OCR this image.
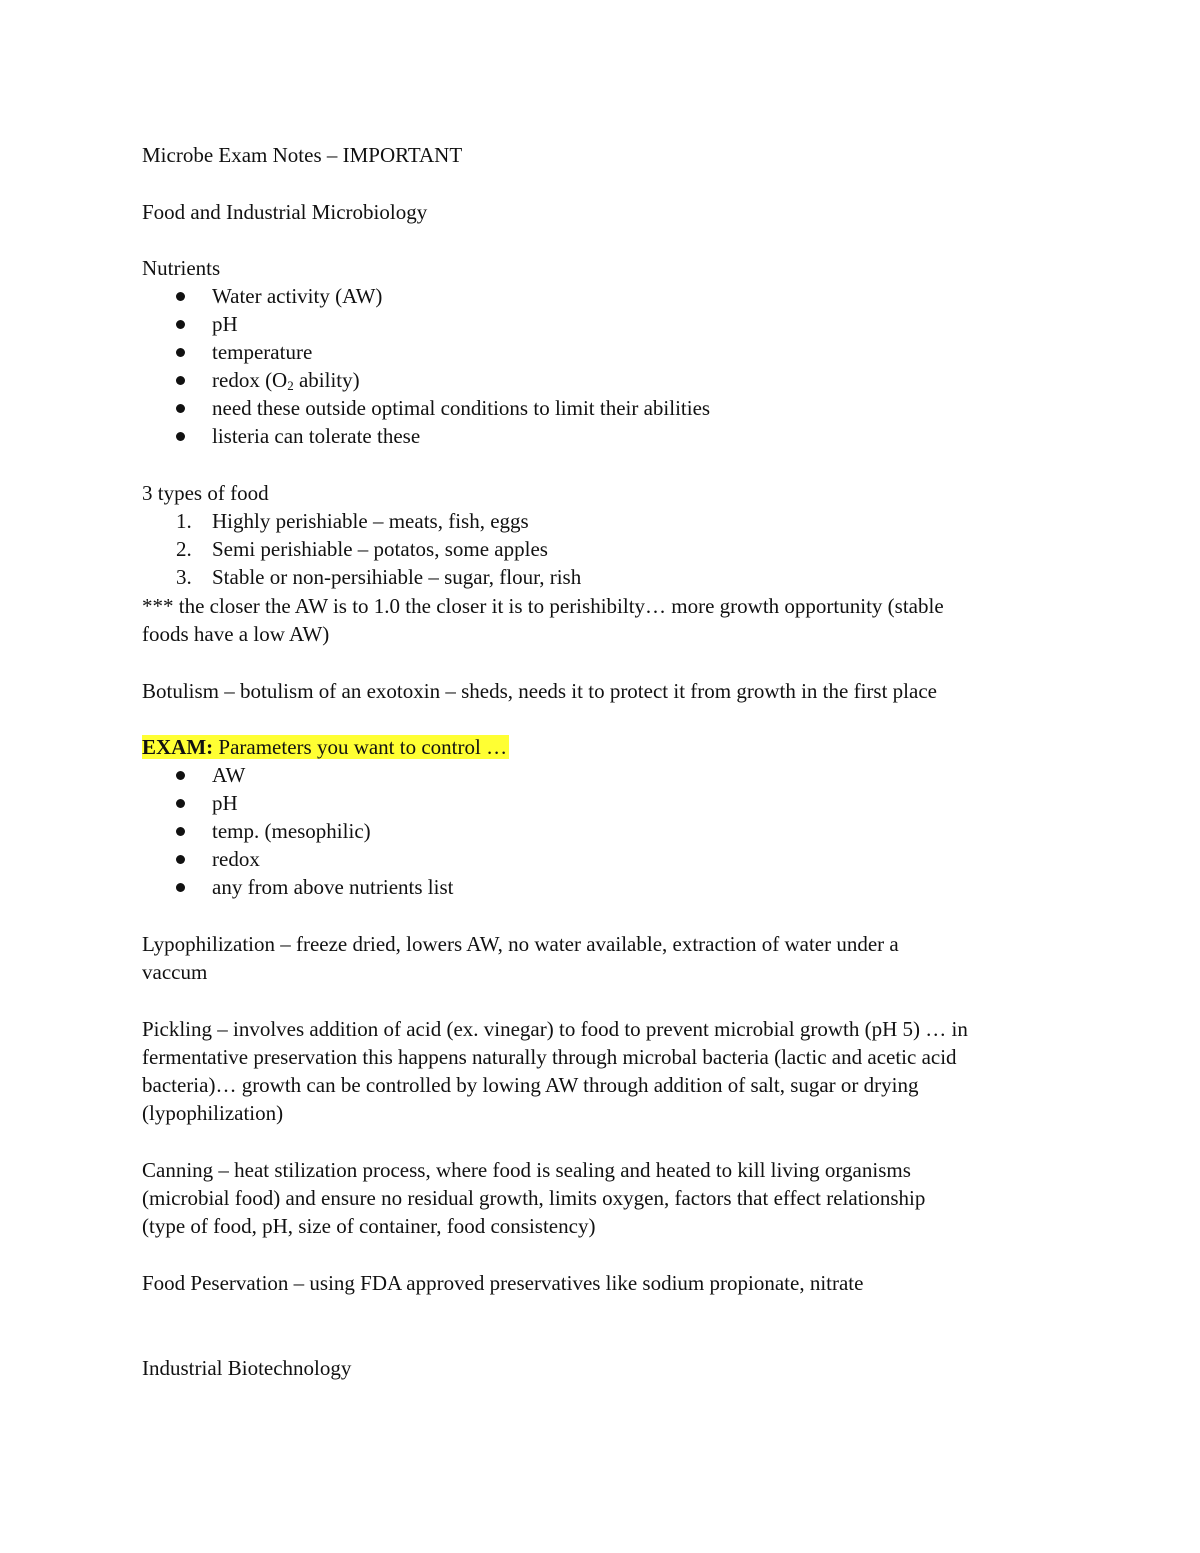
Microbe Exam Notes – IMPORTANT
Food and Industrial Microbiology
Nutrients
Water activity (AW)
pH
temperature
redox ($O_2$ ability)
need these outside optimal conditions to limit their abilities
listeria can tolerate these
3 types of food
1. Highly perishiable – meats, fish, eggs
2. Semi perishiable – potatos, some apples
3. Stable or non-persihiable – sugar, flour, rish
*** the closer the AW is to 1.0 the closer it is to perishibilty… more growth opportunity (stable
foods have a low AW)
Botulism – botulism of an exotoxin – sheds, needs it to protect it from growth in the first place
EXAM: Parameters you want to control …
AW
pH
temp. (mesophilic)
redox
any from above nutrients list
Lypophilization – freeze dried, lowers AW, no water available, extraction of water under a
vaccum
Pickling – involves addition of acid (ex. vinegar) to food to prevent microbial growth (pH 5) … in
fermentative preservation this happens naturally through microbal bacteria (lactic and acetic acid
bacteria)… growth can be controlled by lowing AW through addition of salt, sugar or drying
(lypophilization)
Canning – heat stilization process, where food is sealing and heated to kill living organisms
(microbial food) and ensure no residual growth, limits oxygen, factors that effect relationship
(type of food, pH, size of container, food consistency)
Food Peservation – using FDA approved preservatives like sodium propionate, nitrate
Industrial Biotechnology
